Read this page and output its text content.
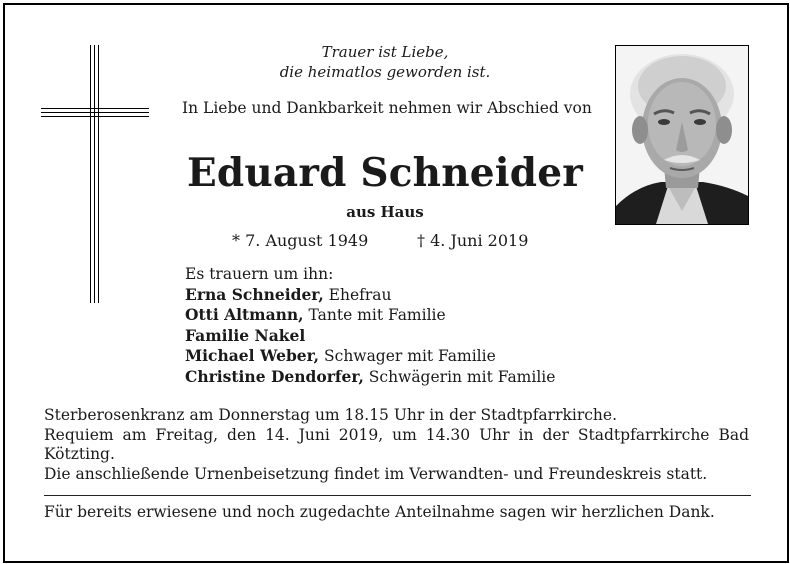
Trauer ist Liebe,
die heimatlos geworden ist.
In Liebe und Dankbarkeit nehmen wir Abschied von
Eduard Schneider
aus Haus
* 7. August 1949	† 4. Juni 2019
Es trauern um ihn:
Erna Schneider, Ehefrau
Otti Altmann, Tante mit Familie
Familie Nakel
Michael Weber, Schwager mit Familie
Christine Dendorfer, Schwägerin mit Familie
Sterberosenkranz am Donnerstag um 18.15 Uhr in der Stadtpfarrkirche.
Requiem am Freitag, den 14. Juni 2019, um 14.30 Uhr in der Stadtpfarrkirche Bad Kötzting.
Die anschließende Urnenbeisetzung findet im Verwandten- und Freundeskreis statt.
Für bereits erwiesene und noch zugedachte Anteilnahme sagen wir herzlichen Dank.
